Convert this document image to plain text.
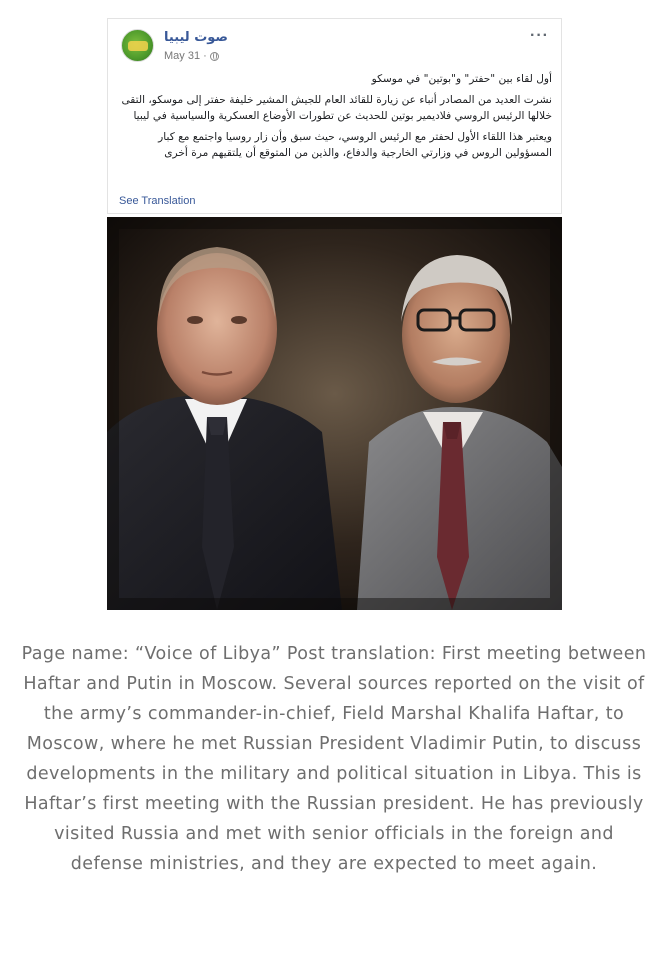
صوت ليبيا
May 31 ·
···

أول لقاء بين "حفتر" و"بوتين" في موسكو

نشرت العديد من المصادر أنباء عن زيارة للقائد العام للجيش المشير خليفة حفتر إلى موسكو، التقى خلالها الرئيس الروسي فلاديمير بوتين للحديث عن تطورات الأوضاع العسكرية والسياسية في ليبيا

ويعتبر هذا اللقاء الأول لحفتر مع الرئيس الروسي، حيث سبق وأن زار روسيا واجتمع مع كبار المسؤولين الروس في وزارتي الخارجية والدفاع، والذين من المتوقع أن يلتقيهم مرة أخرى

See Translation
Page name: “Voice of Libya” Post translation: First meeting between Haftar and Putin in Moscow. Several sources reported on the visit of the army’s commander-in-chief, Field Marshal Khalifa Haftar, to Moscow, where he met Russian President Vladimir Putin, to discuss developments in the military and political situation in Libya. This is Haftar’s first meeting with the Russian president. He has previously visited Russia and met with senior officials in the foreign and defense ministries, and they are expected to meet again.
